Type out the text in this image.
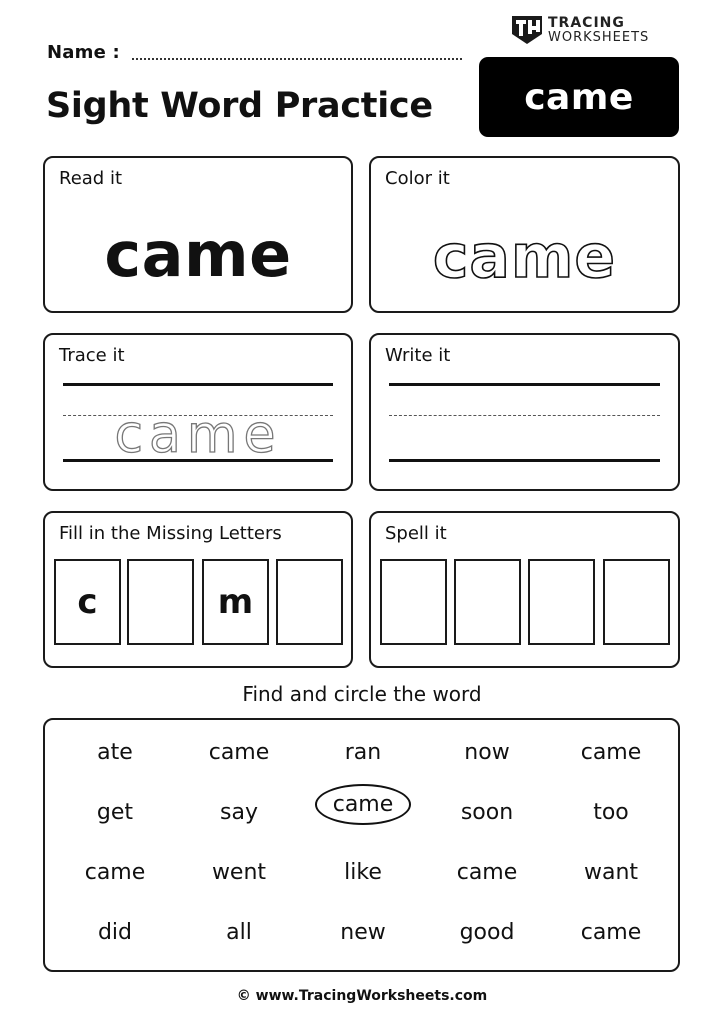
Name :
Sight Word Practice
TRACING
WORKSHEETS
came
Read it
came
Color it
came
Trace it
came
Write it
Fill in the Missing Letters
c	m
Spell it
Find and circle the word
ate	came	ran	now	came
get	say	came	soon	too
came	went	like	came	want
did	all	new	good	came
© www.TracingWorksheets.com
